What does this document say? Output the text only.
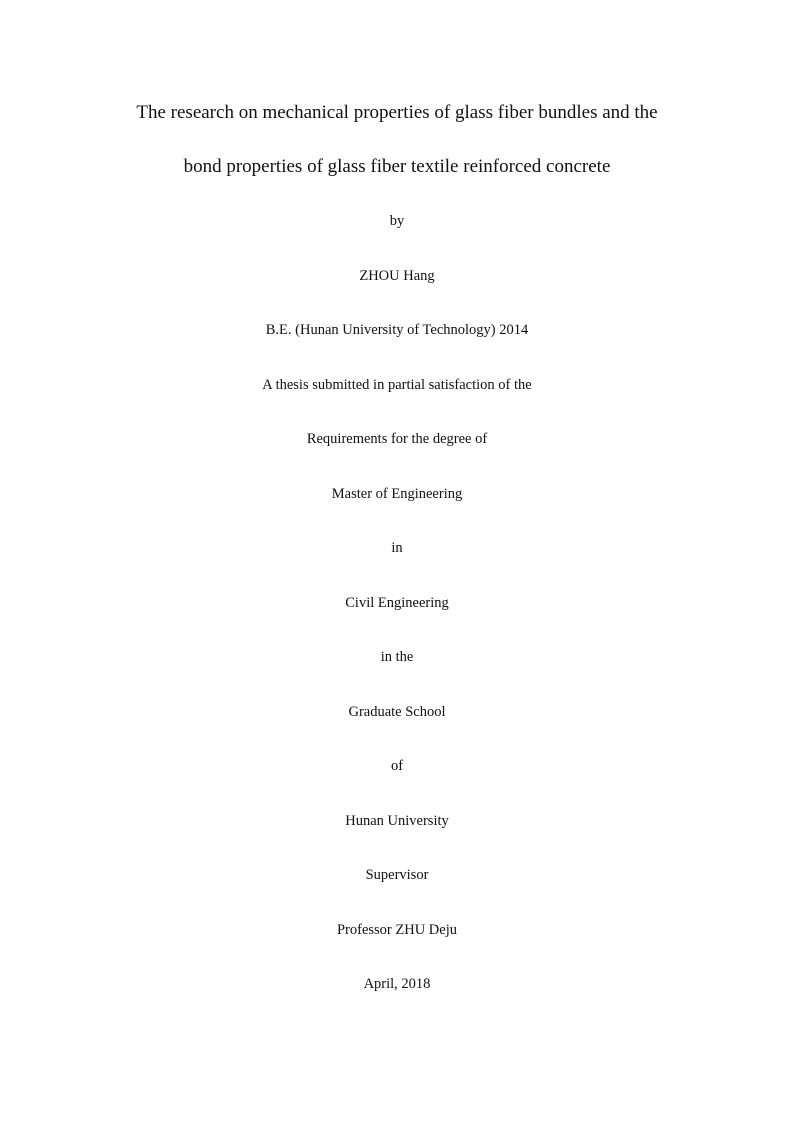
The research on mechanical properties of glass fiber bundles and the
bond properties of glass fiber textile reinforced concrete
by
ZHOU Hang
B.E. (Hunan University of Technology) 2014
A thesis submitted in partial satisfaction of the
Requirements for the degree of
Master of Engineering
in
Civil Engineering
in the
Graduate School
of
Hunan University
Supervisor
Professor ZHU Deju
April, 2018
